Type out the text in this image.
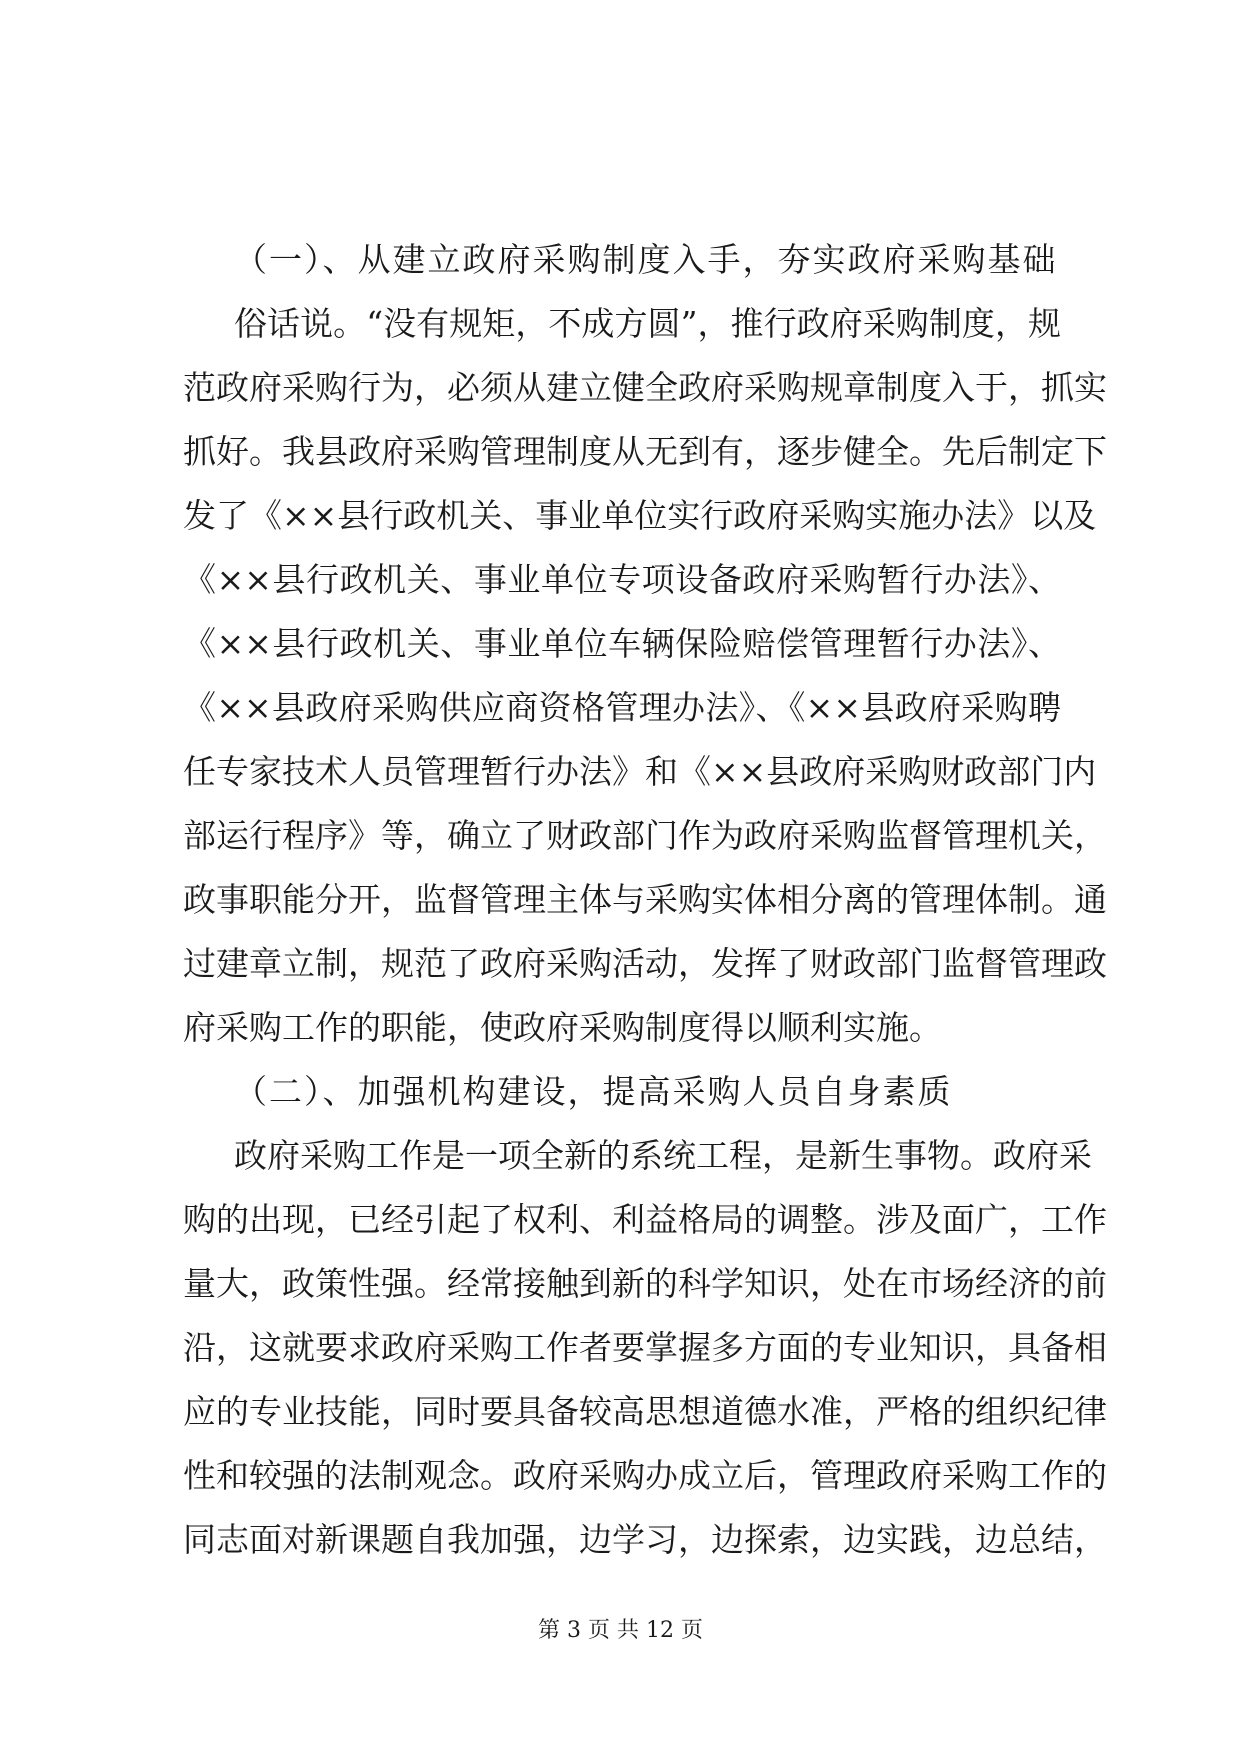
（一）、从建立政府采购制度入手，夯实政府采购基础
俗话说。“没有规矩，不成方圆”，推行政府采购制度，规
范政府采购行为，必须从建立健全政府采购规章制度入于，抓实
抓好。我县政府采购管理制度从无到有，逐步健全。先后制定下
发了《××县行政机关、事业单位实行政府采购实施办法》以及
《××县行政机关、事业单位专项设备政府采购暂行办法》、
《××县行政机关、事业单位车辆保险赔偿管理暂行办法》、
《××县政府采购供应商资格管理办法》、《××县政府采购聘
任专家技术人员管理暂行办法》和《××县政府采购财政部门内
部运行程序》等，确立了财政部门作为政府采购监督管理机关，
政事职能分开，监督管理主体与采购实体相分离的管理体制。通
过建章立制，规范了政府采购活动，发挥了财政部门监督管理政
府采购工作的职能，使政府采购制度得以顺利实施。
（二）、加强机构建设，提高采购人员自身素质
政府采购工作是一项全新的系统工程，是新生事物。政府采
购的出现，已经引起了权利、利益格局的调整。涉及面广，工作
量大，政策性强。经常接触到新的科学知识，处在市场经济的前
沿，这就要求政府采购工作者要掌握多方面的专业知识，具备相
应的专业技能，同时要具备较高思想道德水准，严格的组织纪律
性和较强的法制观念。政府采购办成立后，管理政府采购工作的
同志面对新课题自我加强，边学习，边探索，边实践，边总结，
第 3 页 共 12 页
